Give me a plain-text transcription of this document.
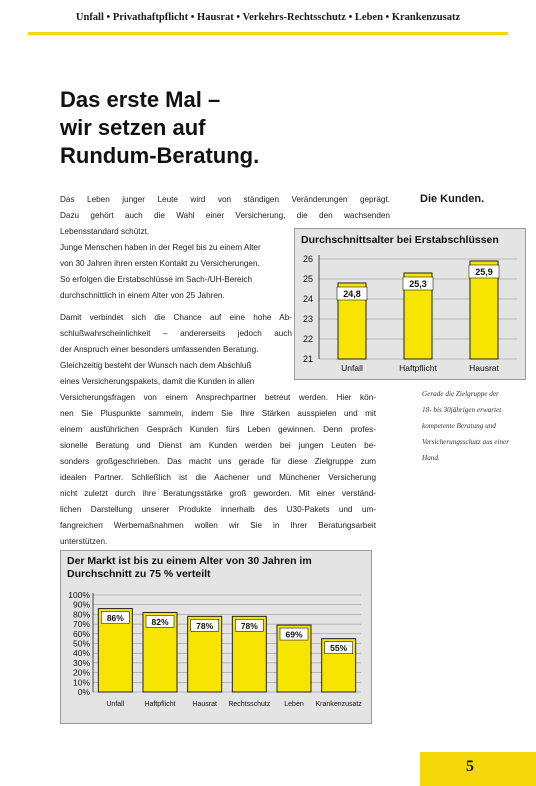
Unfall • Privathaftpflicht • Hausrat • Verkehrs-Rechtsschutz • Leben • Krankenzusatz
Das erste Mal –
wir setzen auf
Rundum-Beratung.
Das Leben junger Leute wird von ständigen Veränderungen geprägt.
Dazu gehört auch die Wahl einer Versicherung, die den wachsenden
Lebensstandard schützt.
Junge Menschen haben in der Regel bis zu einem Alter
von 30 Jahren ihren ersten Kontakt zu Versicherungen.
So erfolgen die Erstabschlüsse im Sach-/UH-Bereich
durchschnittlich in einem Alter von 25 Jahren.
Damit verbindet sich die Chance auf eine hohe Ab-
schlußwahrscheinlichkeit – andererseits jedoch auch
der Anspruch einer besonders umfassenden Beratung.
Gleichzeitig besteht der Wunsch nach dem Abschluß
eines Versicherungspakets, damit die Kunden in allen
Versicherungsfragen von einem Ansprechpartner betreut werden. Hier kön-
nen Sie Pluspunkte sammeln, indem Sie Ihre Stärken ausspielen und mit
einem ausführlichen Gespräch Kunden fürs Leben gewinnen. Denn profes-
sionelle Beratung und Dienst am Kunden werden bei jungen Leuten be-
sonders großgeschrieben. Das macht uns gerade für diese Zielgruppe zum
idealen Partner. Schließlich ist die Aachener und Münchener Versicherung
nicht zuletzt durch ihre Beratungsstärke groß geworden. Mit einer verständ-
lichen Darstellung unserer Produkte innerhalb des U30-Pakets und um-
fangreichen Werbemaßnahmen wollen wir Sie in Ihrer Beratungsarbeit
unterstützen.
Die Kunden.
Gerade die Zielgruppe der
18- bis 30jährigen erwartet
kompetente Beratung und
Versicherungsschutz aus einer
Hand.
Durchschnittsalter bei Erstabschlüssen
26
25
24
23
22
21
24,8
Unfall
25,3
Haftpflicht
25,9
Hausrat
Der Markt ist bis zu einem Alter von 30 Jahren im
Durchschnitt zu 75 % verteilt
100%
90%
80%
70%
60%
50%
40%
30%
20%
10%
0%
86%
Unfall
82%
Haftpflicht
78%
Hausrat
78%
Rechtsschutz
69%
Leben
55%
Krankenzusatz
5
